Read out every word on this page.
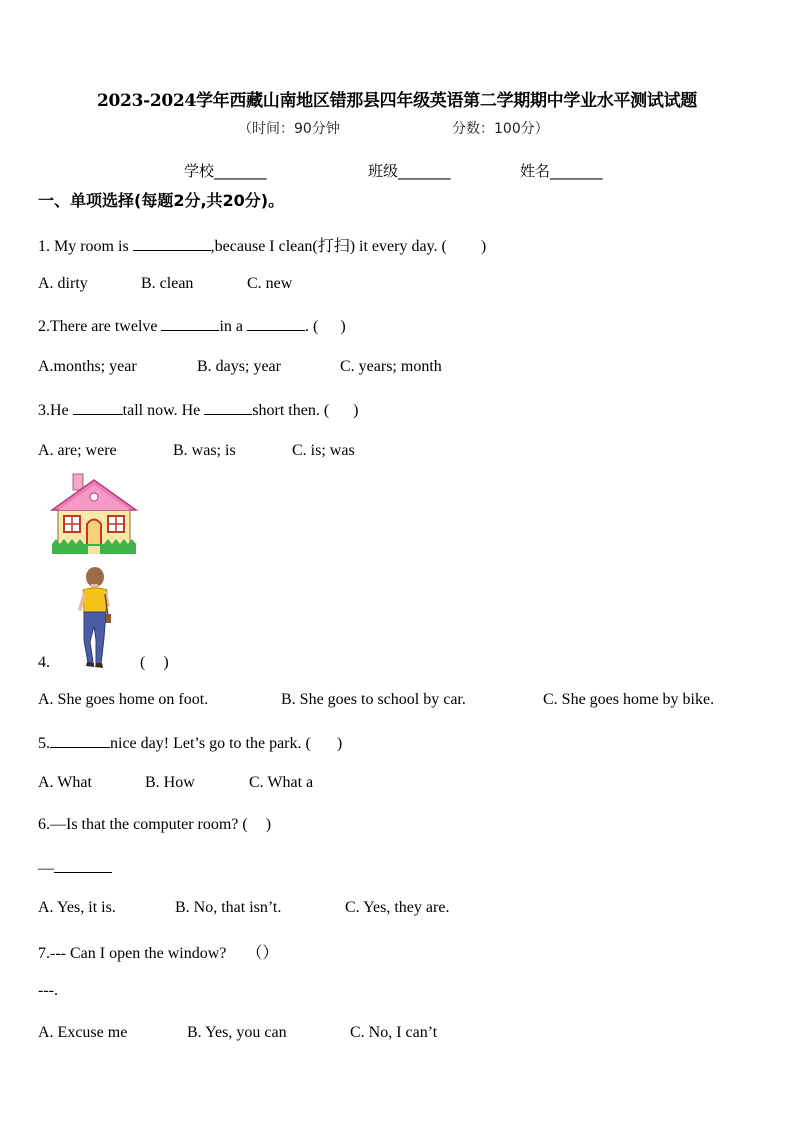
2023-2024学年西藏山南地区错那县四年级英语第二学期期中学业水平测试试题
（时间：90分钟	分数：100分）
学校_______	班级_______	姓名_______
一、单项选择(每题2分,共20分)。
1. My room is	,because I clean(打扫) it every day. ( )
A. dirty	B. clean	C. new
2.There are twelve	in a	. ( )
A.months; year	B. days; year	C. years; month
3.He	tall now. He	short then. ( )
A. are; were	B. was; is	C. is; was
4.	( )
A. She goes home on foot.	B. She goes to school by car.	C. She goes home by bike.
5.	nice day! Let’s go to the park. ( )
A. What	B. How	C. What a
6.—Is that the computer room? ( )
—
A. Yes, it is.	B. No, that isn’t.	C. Yes, they are.
7.--- Can I open the window? （）
---.
A. Excuse me	B. Yes, you can	C. No, I can’t
